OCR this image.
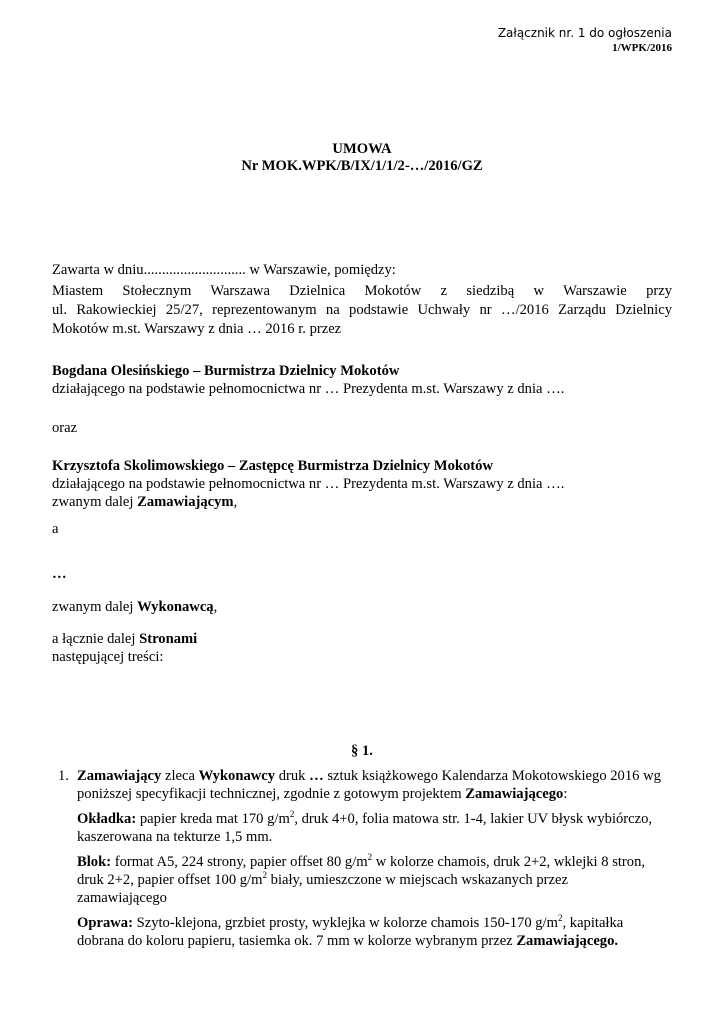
Załącznik nr. 1 do ogłoszenia
1/WPK/2016
UMOWA
Nr MOK.WPK/B/IX/1/1/2-…/2016/GZ
Zawarta w dniu............................ w Warszawie, pomiędzy:
Miastem Stołecznym Warszawa Dzielnica Mokotów z siedzibą w Warszawie przy
ul. Rakowieckiej 25/27, reprezentowanym na podstawie Uchwały nr …/2016 Zarządu Dzielnicy
Mokotów m.st. Warszawy z dnia … 2016 r. przez
Bogdana Olesińskiego – Burmistrza Dzielnicy Mokotów
działającego na podstawie pełnomocnictwa nr … Prezydenta m.st. Warszawy z dnia ….
oraz
Krzysztofa Skolimowskiego – Zastępcę Burmistrza Dzielnicy Mokotów
działającego na podstawie pełnomocnictwa nr … Prezydenta m.st. Warszawy z dnia ….
zwanym dalej Zamawiającym,
a
…
zwanym dalej Wykonawcą,
a łącznie dalej Stronami
następującej treści:
§ 1.
1. Zamawiający zleca Wykonawcy druk … sztuk książkowego Kalendarza Mokotowskiego 2016 wg
poniższej specyfikacji technicznej, zgodnie z gotowym projektem Zamawiającego:
Okładka: papier kreda mat 170 $g/m^2$, druk 4+0, folia matowa str. 1-4, lakier UV błysk wybiórczo,
kaszerowana na tekturze 1,5 mm.
Blok: format A5, 224 strony, papier offset 80 $g/m^2$ w kolorze chamois, druk 2+2, wklejki 8 stron,
druk 2+2, papier offset 100 $g/m^2$ biały, umieszczone w miejscach wskazanych przez
zamawiającego
Oprawa: Szyto-klejona, grzbiet prosty, wyklejka w kolorze chamois 150-170 $g/m^2$, kapitałka
dobrana do koloru papieru, tasiemka ok. 7 mm w kolorze wybranym przez Zamawiającego.
